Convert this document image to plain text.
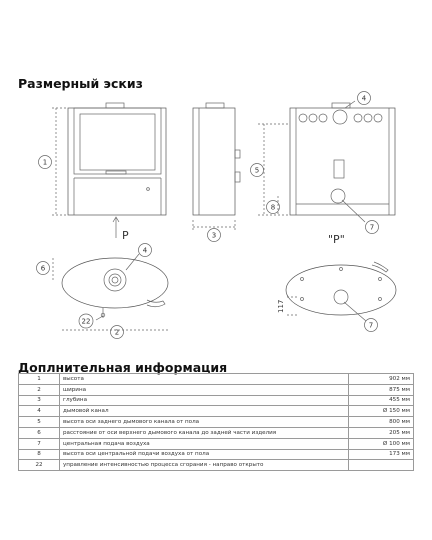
Размерный эскиз
1
2
3
4
4
5
6
7
7
8
22
P	"P"
117
Доплнительная информация
1	высота	902 мм
2	ширина	875 мм
3	глубина	455 мм
4	дымовой канал	Ø 150 мм
5	высота оси заднего дымового канала от пола	800 мм
6	расстояние от оси верхнего дымового канала до задней части изделия	205 мм
7	центральная подача воздуха	Ø 100 мм
8	высота оси центральной подачи воздуха от пола	173 мм
22	управление интенсивностью процесса сгорания - направо открыто	
